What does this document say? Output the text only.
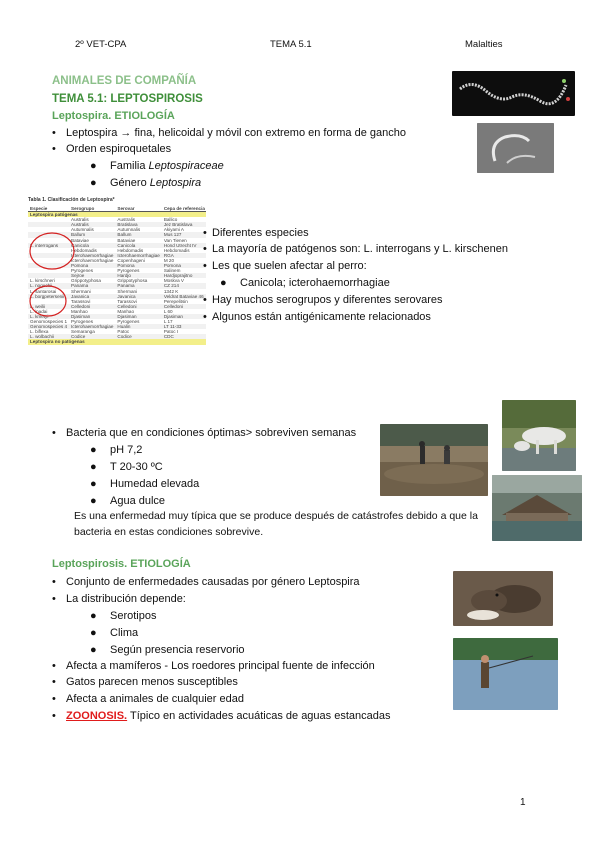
2º VET-CPA	TEMA 5.1	Malalties
ANIMALES DE COMPAÑÍA
TEMA 5.1: LEPTOSPIROSIS
Leptospira. ETIOLOGÍA
• Leptospira → fina, helicoidal y móvil con extremo en forma de gancho
• Orden espiroquetales
● Familia Leptospiraceae
● Género Leptospira
Tabla 1. Clasificación de Leptospira*
Especie	Serogrupo	Serovar	Cepa de referencia
Leptospira patógenas			
	Australis	Australis	Ballico
	Australis	Bratislava	Jez Bratislava
	Autumnalis	Autumnalis	Akiyami A
	Ballum	Ballum	Mus 127
	Bataviae	Bataviae	Van Tienen
L. interrogans	Canicola	Canicola	Hond Utrecht IV
	Hebdomadis	Hebdomadis	Hebdomadis
	Icterohaemorrhagiae	Icterohaemorrhagiae	RGA
	Icterohaemorrhagiae	Copenhageni	M 20
	Pomona	Pomona	Pomona
	Pyrogenes	Pyrogenes	Salinem
	Sejroe	Hardjo	Hardjoprajitno
L. kirschneri	Grippotyphosa	Grippotyphosa	Moskva V
L. noguchii	Panama	Panama	CZ 214
L. santarosai	Shermani	Shermani	1342 K
L. borgpetersenii	Javanica	Javanica	Veldrat Bataviae 46
	Tarassovi	Tarassovi	Perepelitsin
L. weilii	Celledoni	Celledoni	Celledoni
L. inadai	Manhao	Manhao	L 60
L. kmetyi	Djasiman	Djasiman	Djasiman
Genomospecies 1	Pyrogenes	Pyrogenes	L 17
Genomospecies 4	Icterohaemorrhagiae	Hualin	LT 11-33
L. biflexa	Semaranga	Patoc	Patoc I
L. wolbachii	Codice	Codice	CDC
Leptospira no patógenas			
• Diferentes especies
• La mayoría de patógenos son: L. interrogans y L. kirschenen
• Les que suelen afectar al perro:
● Canicola; icterohaemorrhagiae
• Hay muchos serogrupos y diferentes serovares
• Algunos están antigénicamente relacionados
• Bacteria que en condiciones óptimas> sobreviven semanas
● pH 7,2
● T 20-30 ºC
● Humedad elevada
● Agua dulce
Es una enfermedad muy típica que se produce después de catástrofes debido a que la bacteria en estas condiciones sobrevive.
Leptospirosis. ETIOLOGÍA
• Conjunto de enfermedades causadas por género Leptospira
• La distribución depende:
● Serotipos
● Clima
● Según presencia reservorio
• Afecta a mamíferos - Los roedores principal fuente de infección
• Gatos parecen menos susceptibles
• Afecta a animales de cualquier edad
• ZOONOSIS. Típico en actividades acuáticas de aguas estancadas
1
